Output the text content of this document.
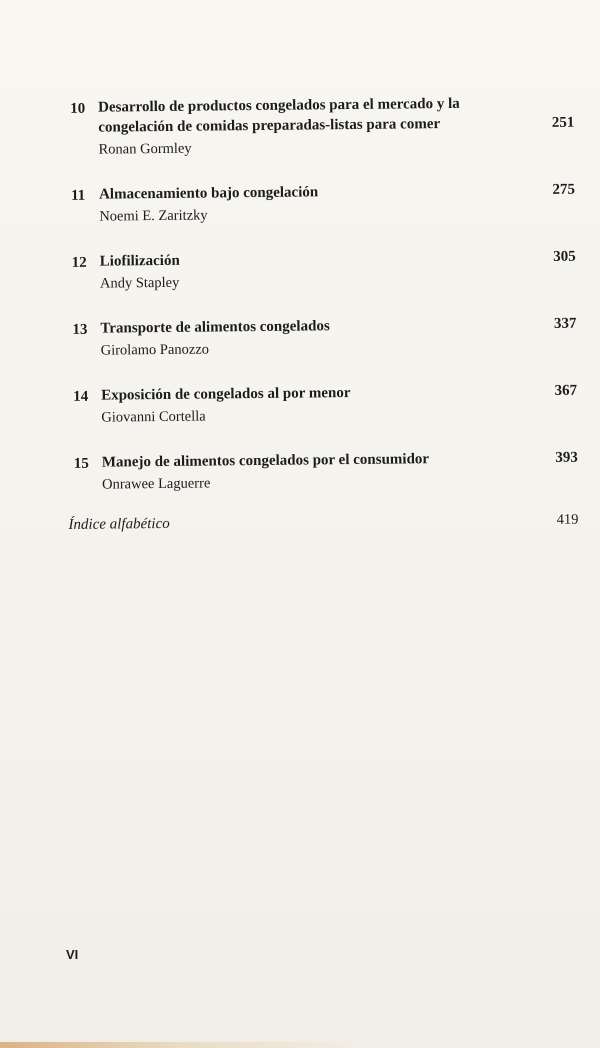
10 Desarrollo de productos congelados para el mercado y la congelación de comidas preparadas-listas para comer	251
Ronan Gormley
11 Almacenamiento bajo congelación	275
Noemi E. Zaritzky
12 Liofilización	305
Andy Stapley
13 Transporte de alimentos congelados	337
Girolamo Panozzo
14 Exposición de congelados al por menor	367
Giovanni Cortella
15 Manejo de alimentos congelados por el consumidor	393
Onrawee Laguerre
Índice alfabético	419
VI
